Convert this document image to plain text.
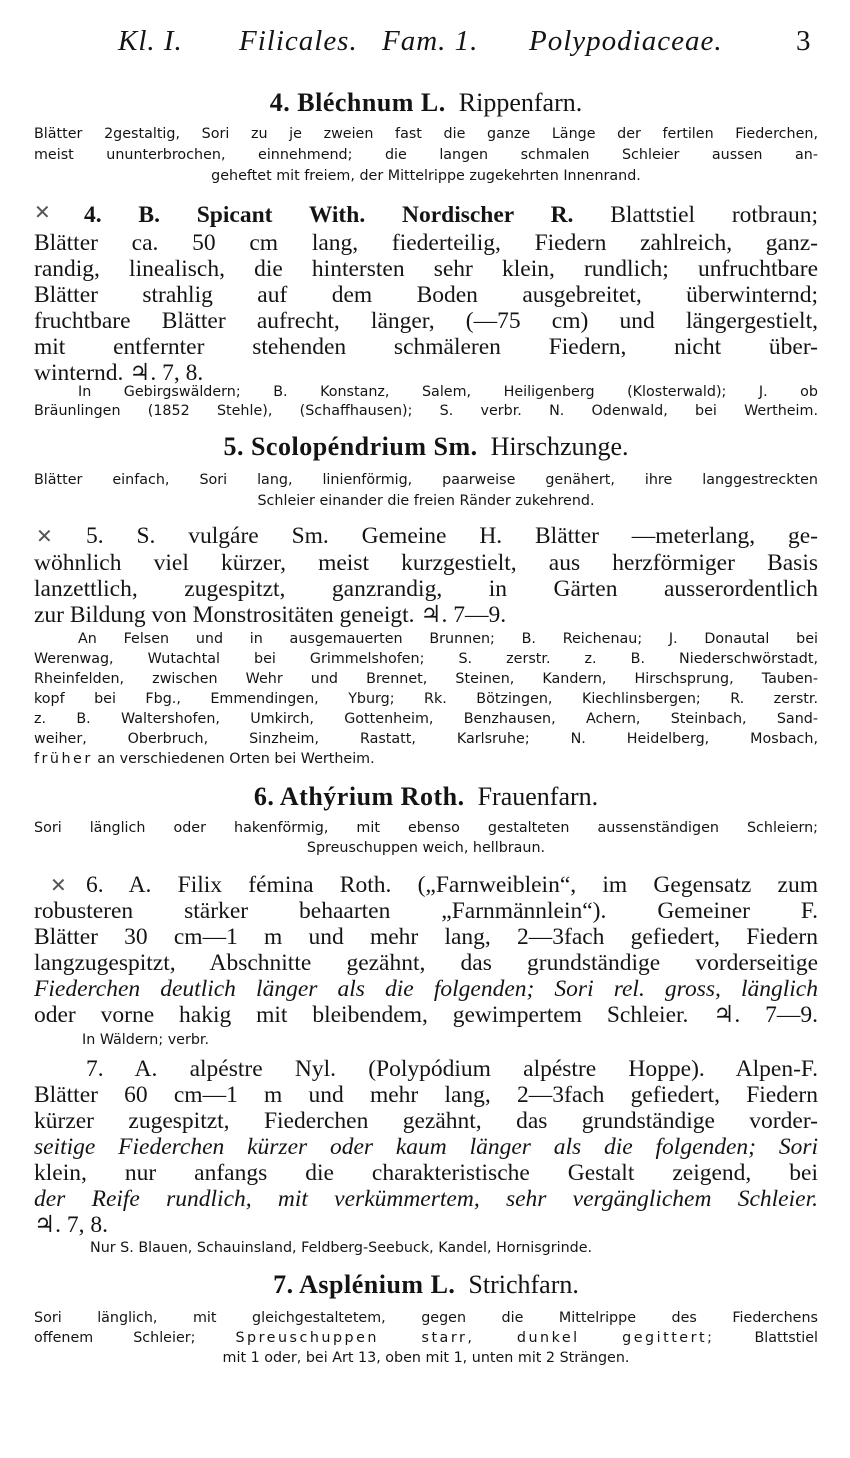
Kl. I. Filicales. Fam. 1. Polypodiaceae.	3
4. Bléchnum L. Rippenfarn.
Blätter 2gestaltig, Sori zu je zweien fast die ganze Länge der fertilen Fiederchen,
meist ununterbrochen, einnehmend; die langen schmalen Schleier aussen an-
geheftet mit freiem, der Mittelrippe zugekehrten Innenrand.
✕ 4. B. Spicant With. Nordischer R. Blattstiel rotbraun;
Blätter ca. 50 cm lang, fiederteilig, Fiedern zahlreich, ganz-
randig, linealisch, die hintersten sehr klein, rundlich; unfruchtbare
Blätter strahlig auf dem Boden ausgebreitet, überwinternd;
fruchtbare Blätter aufrecht, länger, (—75 cm) und längergestielt,
mit entfernter stehenden schmäleren Fiedern, nicht über-
winternd. ♃. 7, 8.
In Gebirgswäldern; B. Konstanz, Salem, Heiligenberg (Klosterwald); J. ob
Bräunlingen (1852 Stehle), (Schaffhausen); S. verbr. N. Odenwald, bei Wertheim.
5. Scolopéndrium Sm. Hirschzunge.
Blätter einfach, Sori lang, linienförmig, paarweise genähert, ihre langgestreckten
Schleier einander die freien Ränder zukehrend.
✕ 5. S. vulgáre Sm. Gemeine H. Blätter —meterlang, ge-
wöhnlich viel kürzer, meist kurzgestielt, aus herzförmiger Basis
lanzettlich, zugespitzt, ganzrandig, in Gärten ausserordentlich
zur Bildung von Monstrositäten geneigt. ♃. 7—9.
An Felsen und in ausgemauerten Brunnen; B. Reichenau; J. Donautal bei
Werenwag, Wutachtal bei Grimmelshofen; S. zerstr. z. B. Niederschwörstadt,
Rheinfelden, zwischen Wehr und Brennet, Steinen, Kandern, Hirschsprung, Tauben-
kopf bei Fbg., Emmendingen, Yburg; Rk. Bötzingen, Kiechlinsbergen; R. zerstr.
z. B. Waltershofen, Umkirch, Gottenheim, Benzhausen, Achern, Steinbach, Sand-
weiher, Oberbruch, Sinzheim, Rastatt, Karlsruhe; N. Heidelberg, Mosbach,
früher an verschiedenen Orten bei Wertheim.
6. Athýrium Roth. Frauenfarn.
Sori länglich oder hakenförmig, mit ebenso gestalteten aussenständigen Schleiern;
Spreuschuppen weich, hellbraun.
✕ 6. A. Filix fémina Roth. („Farnweiblein“, im Gegensatz zum
robusteren stärker behaarten „Farnmännlein“). Gemeiner F.
Blätter 30 cm—1 m und mehr lang, 2—3fach gefiedert, Fiedern
langzugespitzt, Abschnitte gezähnt, das grundständige vorderseitige
Fiederchen deutlich länger als die folgenden; Sori rel. gross, länglich
oder vorne hakig mit bleibendem, gewimpertem Schleier. ♃. 7—9.
In Wäldern; verbr.
7. A. alpéstre Nyl. (Polypódium alpéstre Hoppe). Alpen-F.
Blätter 60 cm—1 m und mehr lang, 2—3fach gefiedert, Fiedern
kürzer zugespitzt, Fiederchen gezähnt, das grundständige vorder-
seitige Fiederchen kürzer oder kaum länger als die folgenden; Sori
klein, nur anfangs die charakteristische Gestalt zeigend, bei
der Reife rundlich, mit verkümmertem, sehr vergänglichem Schleier.
♃. 7, 8.
Nur S. Blauen, Schauinsland, Feldberg-Seebuck, Kandel, Hornisgrinde.
7. Asplénium L. Strichfarn.
Sori länglich, mit gleichgestaltetem, gegen die Mittelrippe des Fiederchens
offenem Schleier;	Spreuschuppen starr, dunkel gegittert;	Blattstiel
mit 1 oder, bei Art 13, oben mit 1, unten mit 2 Strängen.
